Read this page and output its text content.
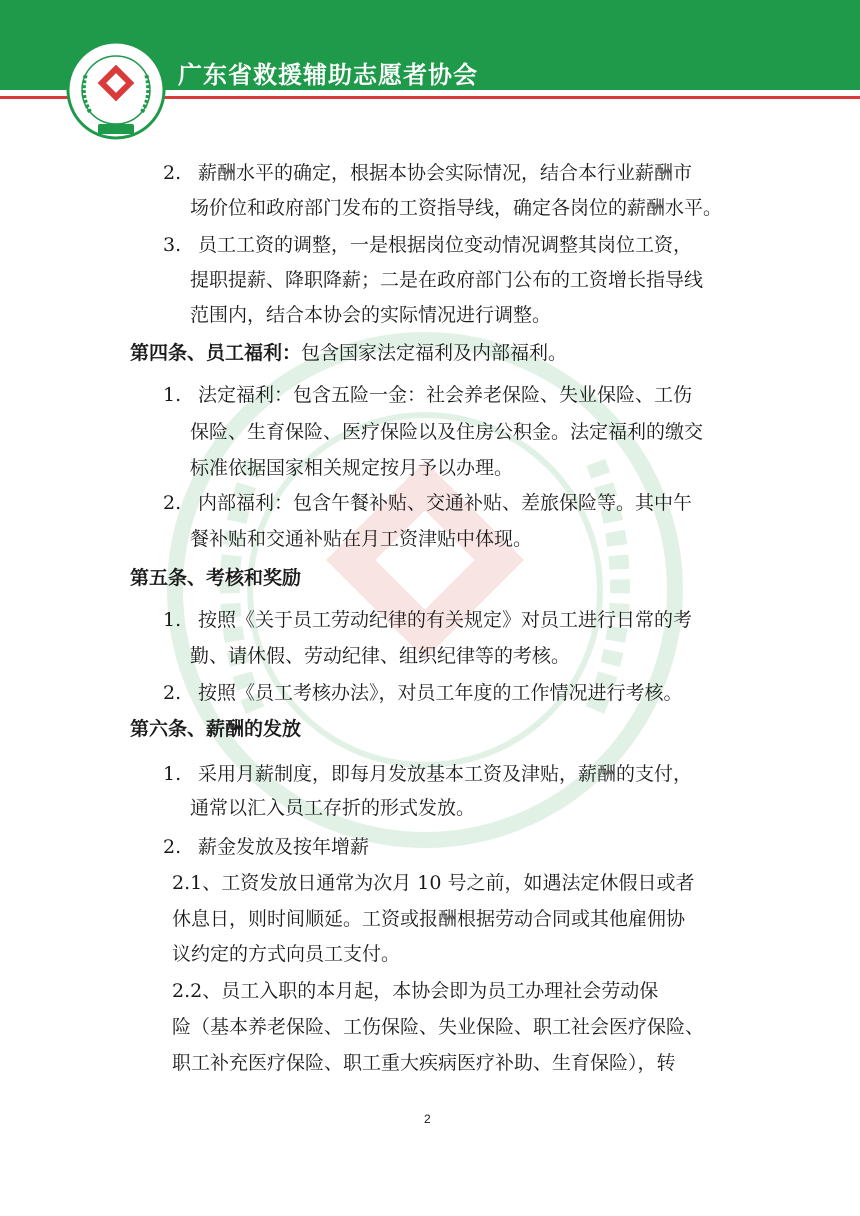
广东省救援辅助志愿者协会
2. 薪酬水平的确定，根据本协会实际情况，结合本行业薪酬市
场价位和政府部门发布的工资指导线，确定各岗位的薪酬水平。
3. 员工工资的调整，一是根据岗位变动情况调整其岗位工资，
提职提薪、降职降薪；二是在政府部门公布的工资增长指导线
范围内，结合本协会的实际情况进行调整。
第四条、员工福利：包含国家法定福利及内部福利。
1. 法定福利：包含五险一金：社会养老保险、失业保险、工伤
保险、生育保险、医疗保险以及住房公积金。法定福利的缴交
标准依据国家相关规定按月予以办理。
2. 内部福利：包含午餐补贴、交通补贴、差旅保险等。其中午
餐补贴和交通补贴在月工资津贴中体现。
第五条、考核和奖励
1. 按照《关于员工劳动纪律的有关规定》对员工进行日常的考
勤、请休假、劳动纪律、组织纪律等的考核。
2. 按照《员工考核办法》，对员工年度的工作情况进行考核。
第六条、薪酬的发放
1. 采用月薪制度，即每月发放基本工资及津贴，薪酬的支付，
通常以汇入员工存折的形式发放。
2. 薪金发放及按年增薪
2.1、工资发放日通常为次月 10 号之前，如遇法定休假日或者
休息日，则时间顺延。工资或报酬根据劳动合同或其他雇佣协
议约定的方式向员工支付。
2.2、员工入职的本月起，本协会即为员工办理社会劳动保
险（基本养老保险、工伤保险、失业保险、职工社会医疗保险、
职工补充医疗保险、职工重大疾病医疗补助、生育保险），转
2
